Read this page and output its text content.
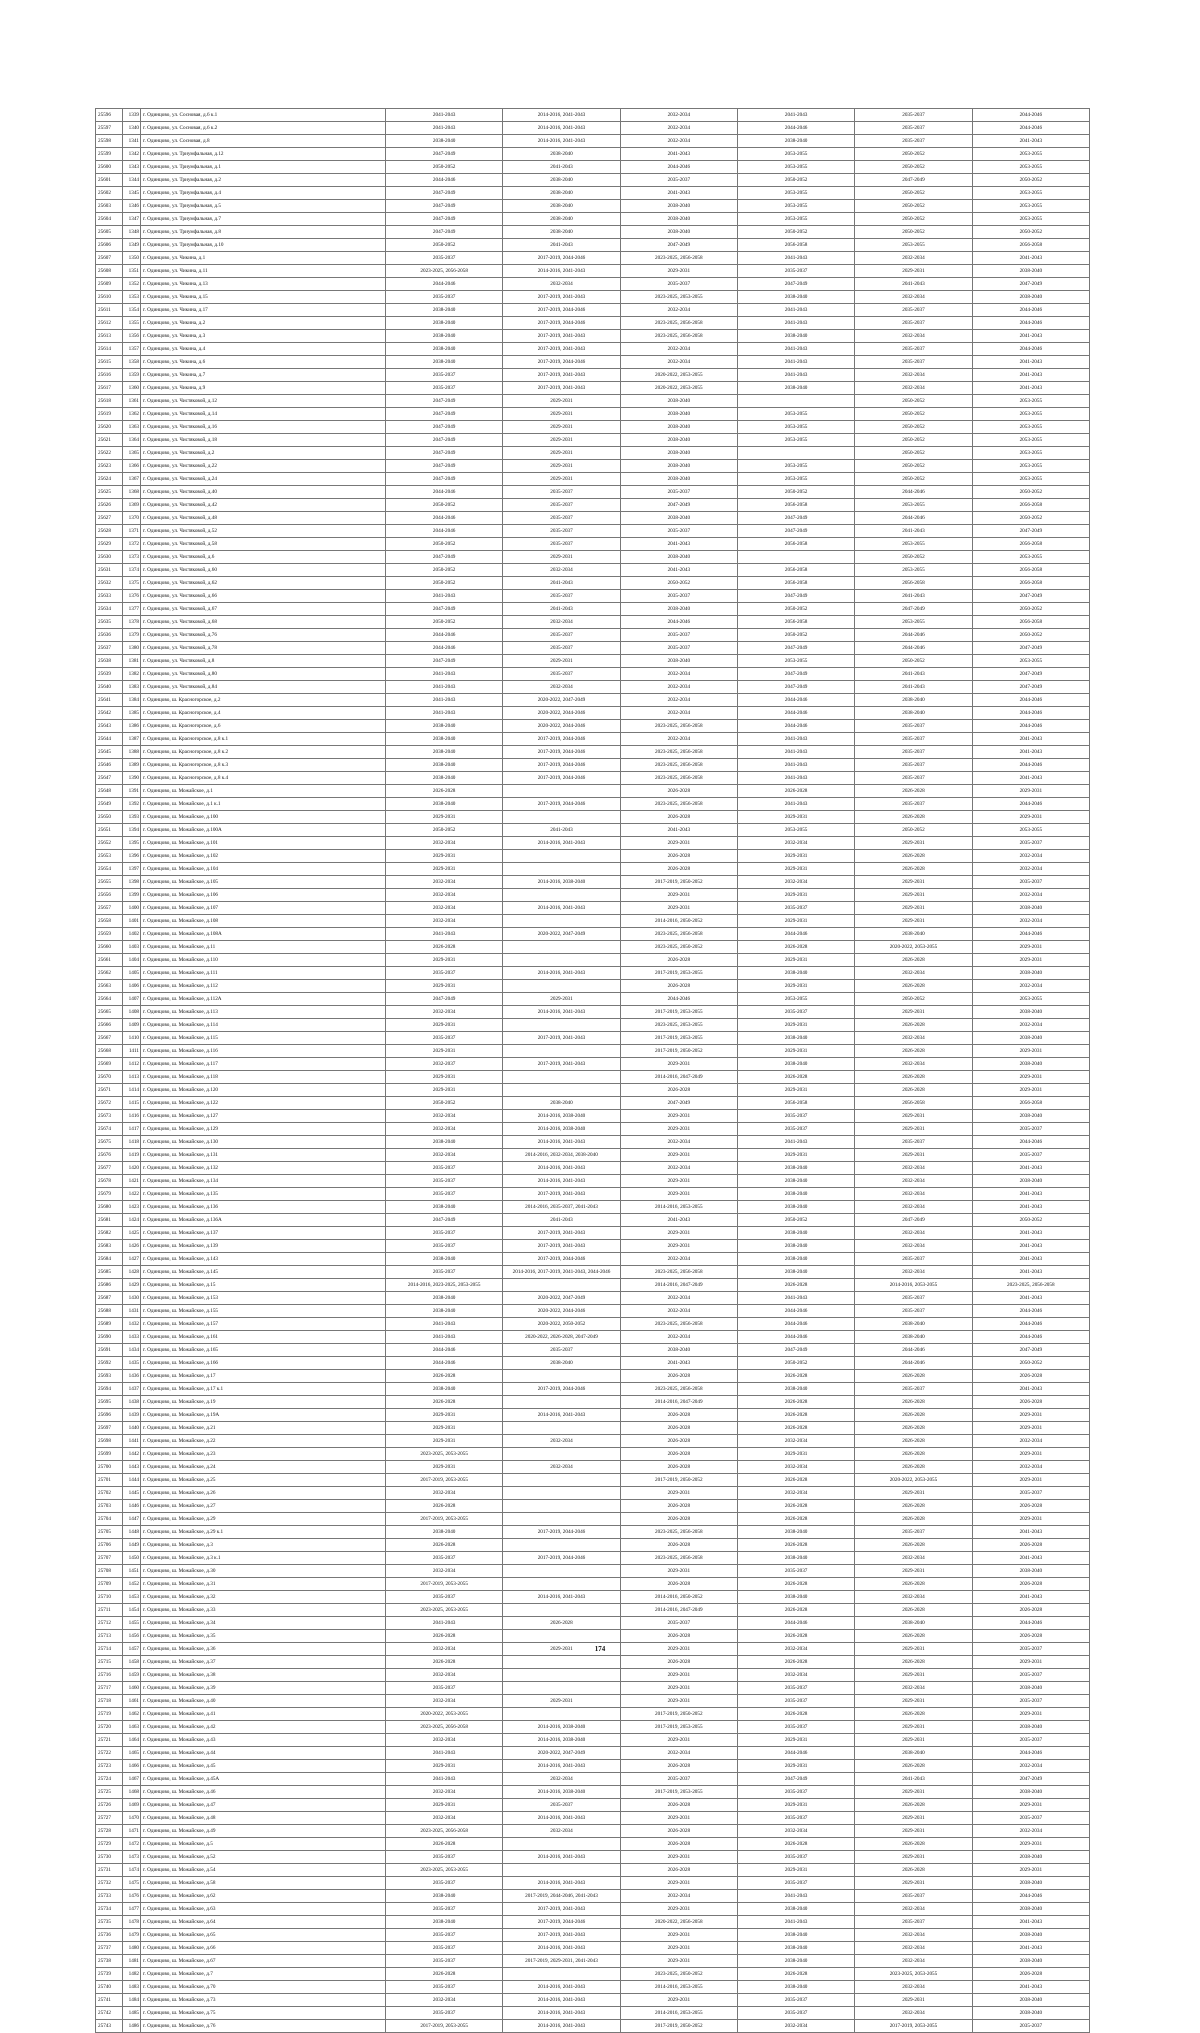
25596	1339	г. Одинцово, ул. Сосновая, д.6 к.1	2041-2043	2014-2016, 2041-2043	2032-2034	2041-2043	2035-2037	2044-2046
25597	1340	г. Одинцово, ул. Сосновая, д.6 к.2	2041-2043	2014-2016, 2041-2043	2032-2034	2044-2046	2035-2037	2044-2046
25598	1341	г. Одинцово, ул. Сосновая, д.8	2038-2040	2014-2016, 2041-2043	2032-2034	2038-2040	2035-2037	2041-2043
25599	1342	г. Одинцово, ул. Триумфальная, д.12	2047-2049	2038-2040	2041-2043	2053-2055	2050-2052	2053-2055
25600	1343	г. Одинцово, ул. Триумфальная, д.1	2050-2052	2041-2043	2044-2046	2053-2055	2050-2052	2053-2055
25601	1344	г. Одинцово, ул. Триумфальная, д.2	2044-2046	2038-2040	2035-2037	2050-2052	2047-2049	2050-2052
25602	1345	г. Одинцово, ул. Триумфальная, д.4	2047-2049	2038-2040	2041-2043	2053-2055	2050-2052	2053-2055
25603	1346	г. Одинцово, ул. Триумфальная, д.5	2047-2049	2038-2040	2038-2040	2053-2055	2050-2052	2053-2055
25604	1347	г. Одинцово, ул. Триумфальная, д.7	2047-2049	2038-2040	2038-2040	2053-2055	2050-2052	2053-2055
25605	1348	г. Одинцово, ул. Триумфальная, д.8	2047-2049	2038-2040	2038-2040	2050-2052	2050-2052	2050-2052
25606	1349	г. Одинцово, ул. Триумфальная, д.10	2050-2052	2041-2043	2047-2049	2056-2058	2053-2055	2056-2058
25607	1350	г. Одинцово, ул. Чикина, д.1	2035-2037	2017-2019, 2044-2046	2023-2025, 2056-2058	2041-2043	2032-2034	2041-2043
25608	1351	г. Одинцово, ул. Чикина, д.11	2023-2025, 2056-2058	2014-2016, 2041-2043	2029-2031	2035-2037	2029-2031	2038-2040
25609	1352	г. Одинцово, ул. Чикина, д.13	2044-2046	2032-2034	2035-2037	2047-2049	2041-2043	2047-2049
25610	1353	г. Одинцово, ул. Чикина, д.15	2035-2037	2017-2019, 2041-2043	2023-2025, 2053-2055	2038-2040	2032-2034	2038-2040
25611	1354	г. Одинцово, ул. Чикина, д.17	2038-2040	2017-2019, 2044-2046	2032-2034	2041-2043	2035-2037	2044-2046
25612	1355	г. Одинцово, ул. Чикина, д.2	2038-2040	2017-2019, 2044-2046	2023-2025, 2056-2058	2041-2043	2035-2037	2044-2046
25613	1356	г. Одинцово, ул. Чикина, д.3	2038-2040	2017-2019, 2041-2043	2023-2025, 2056-2058	2038-2040	2032-2034	2041-2043
25614	1357	г. Одинцово, ул. Чикина, д.4	2038-2040	2017-2019, 2041-2043	2032-2034	2041-2043	2035-2037	2044-2046
25615	1358	г. Одинцово, ул. Чикина, д.6	2038-2040	2017-2019, 2044-2046	2032-2034	2041-2043	2035-2037	2041-2043
25616	1359	г. Одинцово, ул. Чикина, д.7	2035-2037	2017-2019, 2041-2043	2020-2022, 2053-2055	2041-2043	2032-2034	2041-2043
25617	1360	г. Одинцово, ул. Чикина, д.9	2035-2037	2017-2019, 2041-2043	2020-2022, 2053-2055	2038-2040	2032-2034	2041-2043
25618	1361	г. Одинцово, ул. Чистяковой, д.12	2047-2049	2029-2031	2038-2040		2050-2052	2053-2055
25619	1362	г. Одинцово, ул. Чистяковой, д.14	2047-2049	2029-2031	2038-2040	2053-2055	2050-2052	2053-2055
25620	1363	г. Одинцово, ул. Чистяковой, д.16	2047-2049	2029-2031	2038-2040	2053-2055	2050-2052	2053-2055
25621	1364	г. Одинцово, ул. Чистяковой, д.18	2047-2049	2029-2031	2038-2040	2053-2055	2050-2052	2053-2055
25622	1365	г. Одинцово, ул. Чистяковой, д.2	2047-2049	2029-2031	2038-2040		2050-2052	2053-2055
25623	1366	г. Одинцово, ул. Чистяковой, д.22	2047-2049	2029-2031	2038-2040	2053-2055	2050-2052	2053-2055
25624	1367	г. Одинцово, ул. Чистяковой, д.24	2047-2049	2029-2031	2038-2040	2053-2055	2050-2052	2053-2055
25625	1368	г. Одинцово, ул. Чистяковой, д.40	2044-2046	2035-2037	2035-2037	2050-2052	2044-2046	2050-2052
25626	1369	г. Одинцово, ул. Чистяковой, д.42	2050-2052	2035-2037	2047-2049	2056-2058	2053-2055	2056-2058
25627	1370	г. Одинцово, ул. Чистяковой, д.48	2044-2046	2035-2037	2038-2040	2047-2049	2044-2046	2050-2052
25628	1371	г. Одинцово, ул. Чистяковой, д.52	2044-2046	2035-2037	2035-2037	2047-2049	2041-2043	2047-2049
25629	1372	г. Одинцово, ул. Чистяковой, д.58	2050-2052	2035-2037	2041-2043	2056-2058	2053-2055	2056-2058
25630	1373	г. Одинцово, ул. Чистяковой, д.6	2047-2049	2029-2031	2038-2040		2050-2052	2053-2055
25631	1374	г. Одинцово, ул. Чистяковой, д.60	2050-2052	2032-2034	2041-2043	2056-2058	2053-2055	2056-2058
25632	1375	г. Одинцово, ул. Чистяковой, д.62	2050-2052	2041-2043	2050-2052	2056-2058	2056-2058	2056-2058
25633	1376	г. Одинцово, ул. Чистяковой, д.66	2041-2043	2035-2037	2035-2037	2047-2049	2041-2043	2047-2049
25634	1377	г. Одинцово, ул. Чистяковой, д.67	2047-2049	2041-2043	2038-2040	2050-2052	2047-2049	2050-2052
25635	1378	г. Одинцово, ул. Чистяковой, д.68	2050-2052	2032-2034	2044-2046	2056-2058	2053-2055	2056-2058
25636	1379	г. Одинцово, ул. Чистяковой, д.76	2044-2046	2035-2037	2035-2037	2050-2052	2044-2046	2050-2052
25637	1380	г. Одинцово, ул. Чистяковой, д.78	2044-2046	2035-2037	2035-2037	2047-2049	2044-2046	2047-2049
25638	1381	г. Одинцово, ул. Чистяковой, д.8	2047-2049	2029-2031	2038-2040	2053-2055	2050-2052	2053-2055
25639	1382	г. Одинцово, ул. Чистяковой, д.80	2041-2043	2035-2037	2032-2034	2047-2049	2041-2043	2047-2049
25640	1383	г. Одинцово, ул. Чистяковой, д.84	2041-2043	2032-2034	2032-2034	2047-2049	2041-2043	2047-2049
25641	1384	г. Одинцово, ш. Красногорское, д.2	2041-2043	2020-2022, 2047-2049	2032-2034	2044-2046	2038-2040	2044-2046
25642	1385	г. Одинцово, ш. Красногорское, д.4	2041-2043	2020-2022, 2044-2046	2032-2034	2044-2046	2038-2040	2044-2046
25643	1386	г. Одинцово, ш. Красногорское, д.6	2038-2040	2020-2022, 2044-2046	2023-2025, 2056-2058	2044-2046	2035-2037	2044-2046
25644	1387	г. Одинцово, ш. Красногорское, д.8 к.1	2038-2040	2017-2019, 2044-2046	2032-2034	2041-2043	2035-2037	2041-2043
25645	1388	г. Одинцово, ш. Красногорское, д.8 к.2	2038-2040	2017-2019, 2044-2046	2023-2025, 2056-2058	2041-2043	2035-2037	2041-2043
25646	1389	г. Одинцово, ш. Красногорское, д.8 к.3	2038-2040	2017-2019, 2044-2046	2023-2025, 2056-2058	2041-2043	2035-2037	2044-2046
25647	1390	г. Одинцово, ш. Красногорское, д.8 к.4	2038-2040	2017-2019, 2044-2046	2023-2025, 2056-2058	2041-2043	2035-2037	2041-2043
25648	1391	г. Одинцово, ш. Можайское, д.1	2026-2028		2026-2028	2026-2028	2026-2028	2029-2031
25649	1392	г. Одинцово, ш. Можайское, д.1 к.1	2038-2040	2017-2019, 2044-2046	2023-2025, 2056-2058	2041-2043	2035-2037	2044-2046
25650	1393	г. Одинцово, ш. Можайское, д.100	2029-2031		2026-2028	2029-2031	2026-2028	2029-2031
25651	1394	г. Одинцово, ш. Можайское, д.100А	2050-2052	2041-2043	2041-2043	2053-2055	2050-2052	2053-2055
25652	1395	г. Одинцово, ш. Можайское, д.101	2032-2034	2014-2016, 2041-2043	2029-2031	2032-2034	2029-2031	2035-2037
25653	1396	г. Одинцово, ш. Можайское, д.102	2029-2031		2026-2028	2029-2031	2026-2028	2032-2034
25654	1397	г. Одинцово, ш. Можайское, д.104	2029-2031		2026-2028	2029-2031	2026-2028	2032-2034
25655	1398	г. Одинцово, ш. Можайское, д.105	2032-2034	2014-2016, 2038-2040	2017-2019, 2050-2052	2032-2034	2029-2031	2035-2037
25656	1399	г. Одинцово, ш. Можайское, д.106	2032-2034		2029-2031	2029-2031	2029-2031	2032-2034
25657	1400	г. Одинцово, ш. Можайское, д.107	2032-2034	2014-2016, 2041-2043	2029-2031	2035-2037	2029-2031	2038-2040
25658	1401	г. Одинцово, ш. Можайское, д.108	2032-2034		2014-2016, 2050-2052	2029-2031	2029-2031	2032-2034
25659	1402	г. Одинцово, ш. Можайское, д.108А	2041-2043	2020-2022, 2047-2049	2023-2025, 2056-2058	2044-2046	2038-2040	2044-2046
25660	1403	г. Одинцово, ш. Можайское, д.11	2026-2028		2023-2025, 2050-2052	2026-2028	2020-2022, 2053-2055	2029-2031
25661	1404	г. Одинцово, ш. Можайское, д.110	2029-2031		2026-2028	2029-2031	2026-2028	2029-2031
25662	1405	г. Одинцово, ш. Можайское, д.111	2035-2037	2014-2016, 2041-2043	2017-2019, 2053-2055	2038-2040	2032-2034	2038-2040
25663	1406	г. Одинцово, ш. Можайское, д.112	2029-2031		2026-2028	2029-2031	2026-2028	2032-2034
25664	1407	г. Одинцово, ш. Можайское, д.112А	2047-2049	2029-2031	2044-2046	2053-2055	2050-2052	2053-2055
25665	1408	г. Одинцово, ш. Можайское, д.113	2032-2034	2014-2016, 2041-2043	2017-2019, 2053-2055	2035-2037	2029-2031	2038-2040
25666	1409	г. Одинцово, ш. Можайское, д.114	2029-2031		2023-2025, 2053-2055	2029-2031	2026-2028	2032-2034
25667	1410	г. Одинцово, ш. Можайское, д.115	2035-2037	2017-2019, 2041-2043	2017-2019, 2053-2055	2038-2040	2032-2034	2038-2040
25668	1411	г. Одинцово, ш. Можайское, д.116	2029-2031		2017-2019, 2050-2052	2029-2031	2026-2028	2029-2031
25669	1412	г. Одинцово, ш. Можайское, д.117	2032-2037	2017-2019, 2041-2043	2029-2031	2038-2040	2032-2034	2038-2040
25670	1413	г. Одинцово, ш. Можайское, д.118	2029-2031		2014-2016, 2047-2049	2026-2028	2026-2028	2029-2031
25671	1414	г. Одинцово, ш. Можайское, д.120	2029-2031		2026-2028	2029-2031	2026-2028	2029-2031
25672	1415	г. Одинцово, ш. Можайское, д.122	2050-2052	2038-2040	2047-2049	2056-2058	2056-2058	2056-2058
25673	1416	г. Одинцово, ш. Можайское, д.127	2032-2034	2014-2016, 2038-2040	2029-2031	2035-2037	2029-2031	2038-2040
25674	1417	г. Одинцово, ш. Можайское, д.129	2032-2034	2014-2016, 2038-2040	2029-2031	2035-2037	2029-2031	2035-2037
25675	1418	г. Одинцово, ш. Можайское, д.130	2038-2040	2014-2016, 2041-2043	2032-2034	2041-2043	2035-2037	2044-2046
25676	1419	г. Одинцово, ш. Можайское, д.131	2032-2034	2014-2016, 2032-2034, 2038-2040	2029-2031	2029-2031	2029-2031	2035-2037
25677	1420	г. Одинцово, ш. Можайское, д.132	2035-2037	2014-2016, 2041-2043	2032-2034	2038-2040	2032-2034	2041-2043
25678	1421	г. Одинцово, ш. Можайское, д.134	2035-2037	2014-2016, 2041-2043	2029-2031	2038-2040	2032-2034	2038-2040
25679	1422	г. Одинцово, ш. Можайское, д.135	2035-2037	2017-2019, 2041-2043	2029-2031	2038-2040	2032-2034	2041-2043
25680	1423	г. Одинцово, ш. Можайское, д.136	2038-2040	2014-2016, 2035-2037, 2041-2043	2014-2016, 2053-2055	2038-2040	2032-2034	2041-2043
25681	1424	г. Одинцово, ш. Можайское, д.136А	2047-2049	2041-2043	2041-2043	2050-2052	2047-2049	2050-2052
25682	1425	г. Одинцово, ш. Можайское, д.137	2035-2037	2017-2019, 2041-2043	2029-2031	2038-2040	2032-2034	2041-2043
25683	1426	г. Одинцово, ш. Можайское, д.139	2035-2037	2017-2019, 2041-2043	2029-2031	2038-2040	2032-2034	2041-2043
25684	1427	г. Одинцово, ш. Можайское, д.143	2038-2040	2017-2019, 2044-2046	2032-2034	2038-2040	2035-2037	2041-2043
25685	1428	г. Одинцово, ш. Можайское, д.145	2035-2037	2014-2016, 2017-2019, 2041-2043, 2044-2046	2023-2025, 2056-2058	2038-2040	2032-2034	2041-2043
25686	1429	г. Одинцово, ш. Можайское, д.15	2014-2016, 2023-2025, 2053-2055		2014-2016, 2047-2049	2026-2028	2014-2016, 2053-2055	2023-2025, 2056-2058
25687	1430	г. Одинцово, ш. Можайское, д.153	2038-2040	2020-2022, 2047-2049	2032-2034	2041-2043	2035-2037	2041-2043
25688	1431	г. Одинцово, ш. Можайское, д.155	2038-2040	2020-2022, 2044-2046	2032-2034	2044-2046	2035-2037	2044-2046
25689	1432	г. Одинцово, ш. Можайское, д.157	2041-2043	2020-2022, 2050-2052	2023-2025, 2056-2058	2044-2046	2038-2040	2044-2046
25690	1433	г. Одинцово, ш. Можайское, д.161	2041-2043	2020-2022, 2026-2028, 2047-2049	2032-2034	2044-2046	2038-2040	2044-2046
25691	1434	г. Одинцово, ш. Можайское, д.165	2044-2046	2035-2037	2038-2040	2047-2049	2044-2046	2047-2049
25692	1435	г. Одинцово, ш. Можайское, д.166	2044-2046	2038-2040	2041-2043	2050-2052	2044-2046	2050-2052
25693	1436	г. Одинцово, ш. Можайское, д.17	2026-2028		2026-2028	2026-2028	2026-2028	2026-2028
25694	1437	г. Одинцово, ш. Можайское, д.17 к.1	2038-2040	2017-2019, 2044-2046	2023-2025, 2056-2058	2038-2040	2035-2037	2041-2043
25695	1438	г. Одинцово, ш. Можайское, д.19	2026-2028		2014-2016, 2047-2049	2026-2028	2026-2028	2026-2028
25696	1439	г. Одинцово, ш. Можайское, д.19А	2029-2031	2014-2016, 2041-2043	2026-2028	2026-2028	2026-2028	2029-2031
25697	1440	г. Одинцово, ш. Можайское, д.21	2029-2031		2026-2028	2026-2028	2026-2028	2029-2031
25698	1441	г. Одинцово, ш. Можайское, д.22	2029-2031	2032-2034	2026-2028	2032-2034	2026-2028	2032-2034
25699	1442	г. Одинцово, ш. Можайское, д.23	2023-2025, 2053-2055		2026-2028	2029-2031	2026-2028	2029-2031
25700	1443	г. Одинцово, ш. Можайское, д.24	2029-2031	2032-2034	2026-2028	2032-2034	2026-2028	2032-2034
25701	1444	г. Одинцово, ш. Можайское, д.25	2017-2019, 2053-2055		2017-2019, 2050-2052	2026-2028	2020-2022, 2053-2055	2029-2031
25702	1445	г. Одинцово, ш. Можайское, д.26	2032-2034		2029-2031	2032-2034	2029-2031	2035-2037
25703	1446	г. Одинцово, ш. Можайское, д.27	2026-2028		2026-2028	2026-2028	2026-2028	2026-2028
25704	1447	г. Одинцово, ш. Можайское, д.29	2017-2019, 2053-2055		2026-2028	2026-2028	2026-2028	2029-2031
25705	1448	г. Одинцово, ш. Можайское, д.29 к.1	2038-2040	2017-2019, 2044-2046	2023-2025, 2056-2058	2038-2040	2035-2037	2041-2043
25706	1449	г. Одинцово, ш. Можайское, д.3	2026-2028		2026-2028	2026-2028	2026-2028	2026-2028
25707	1450	г. Одинцово, ш. Можайское, д.3 к.1	2035-2037	2017-2019, 2044-2046	2023-2025, 2056-2058	2038-2040	2032-2034	2041-2043
25708	1451	г. Одинцово, ш. Можайское, д.30	2032-2034		2029-2031	2035-2037	2029-2031	2038-2040
25709	1452	г. Одинцово, ш. Можайское, д.31	2017-2019, 2053-2055		2026-2028	2026-2028	2026-2028	2026-2028
25710	1453	г. Одинцово, ш. Можайское, д.32	2035-2037	2014-2016, 2041-2043	2014-2016, 2050-2052	2038-2040	2032-2034	2041-2043
25711	1454	г. Одинцово, ш. Можайское, д.33	2023-2025, 2053-2055		2014-2016, 2047-2049	2026-2028	2026-2028	2026-2028
25712	1455	г. Одинцово, ш. Можайское, д.34	2041-2043	2026-2028	2035-2037	2044-2046	2038-2040	2044-2046
25713	1456	г. Одинцово, ш. Можайское, д.35	2026-2028		2026-2028	2026-2028	2026-2028	2026-2028
25714	1457	г. Одинцово, ш. Можайское, д.36	2032-2034	2029-2031	2029-2031	2032-2034	2029-2031	2035-2037
25715	1458	г. Одинцово, ш. Можайское, д.37	2026-2028		2026-2028	2026-2028	2026-2028	2029-2031
25716	1459	г. Одинцово, ш. Можайское, д.38	2032-2034		2029-2031	2032-2034	2029-2031	2035-2037
25717	1460	г. Одинцово, ш. Можайское, д.39	2035-2037		2029-2031	2035-2037	2032-2034	2038-2040
25718	1461	г. Одинцово, ш. Можайское, д.40	2032-2034	2029-2031	2029-2031	2035-2037	2029-2031	2035-2037
25719	1462	г. Одинцово, ш. Можайское, д.41	2020-2022, 2053-2055		2017-2019, 2050-2052	2026-2028	2026-2028	2029-2031
25720	1463	г. Одинцово, ш. Можайское, д.42	2023-2025, 2056-2058	2014-2016, 2038-2040	2017-2019, 2053-2055	2035-2037	2029-2031	2038-2040
25721	1464	г. Одинцово, ш. Можайское, д.43	2032-2034	2014-2016, 2038-2040	2029-2031	2029-2031	2029-2031	2035-2037
25722	1465	г. Одинцово, ш. Можайское, д.44	2041-2043	2020-2022, 2047-2049	2032-2034	2044-2046	2038-2040	2044-2046
25723	1466	г. Одинцово, ш. Можайское, д.45	2029-2031	2014-2016, 2041-2043	2026-2028	2029-2031	2026-2028	2032-2034
25724	1467	г. Одинцово, ш. Можайское, д.45А	2041-2043	2032-2034	2035-2037	2047-2049	2041-2043	2047-2049
25725	1468	г. Одинцово, ш. Можайское, д.46	2032-2034	2014-2016, 2038-2040	2017-2019, 2053-2055	2035-2037	2029-2031	2038-2040
25726	1469	г. Одинцово, ш. Можайское, д.47	2029-2031	2035-2037	2026-2028	2029-2031	2026-2028	2029-2031
25727	1470	г. Одинцово, ш. Можайское, д.48	2032-2034	2014-2016, 2041-2043	2029-2031	2035-2037	2029-2031	2035-2037
25728	1471	г. Одинцово, ш. Можайское, д.49	2023-2025, 2056-2058	2032-2034	2026-2028	2032-2034	2029-2031	2032-2034
25729	1472	г. Одинцово, ш. Можайское, д.5	2026-2028		2026-2028	2026-2028	2026-2028	2029-2031
25730	1473	г. Одинцово, ш. Можайское, д.52	2035-2037	2014-2016, 2041-2043	2029-2031	2035-2037	2029-2031	2038-2040
25731	1474	г. Одинцово, ш. Можайское, д.54	2023-2025, 2053-2055		2026-2028	2029-2031	2026-2028	2029-2031
25732	1475	г. Одинцово, ш. Можайское, д.58	2035-2037	2014-2016, 2041-2043	2029-2031	2035-2037	2029-2031	2038-2040
25733	1476	г. Одинцово, ш. Можайское, д.62	2038-2040	2017-2019, 2044-2046, 2041-2043	2032-2034	2041-2043	2035-2037	2044-2046
25734	1477	г. Одинцово, ш. Можайское, д.63	2035-2037	2017-2019, 2041-2043	2029-2031	2038-2040	2032-2034	2038-2040
25735	1478	г. Одинцово, ш. Можайское, д.64	2038-2040	2017-2019, 2044-2046	2020-2022, 2056-2058	2041-2043	2035-2037	2041-2043
25736	1479	г. Одинцово, ш. Можайское, д.65	2035-2037	2017-2019, 2041-2043	2029-2031	2038-2040	2032-2034	2038-2040
25737	1480	г. Одинцово, ш. Можайское, д.66	2035-2037	2014-2016, 2041-2043	2029-2031	2038-2040	2032-2034	2041-2043
25738	1481	г. Одинцово, ш. Можайское, д.67	2035-2037	2017-2019, 2029-2031, 2041-2043	2029-2031	2038-2040	2032-2034	2038-2040
25739	1482	г. Одинцово, ш. Можайское, д.7	2026-2028		2023-2025, 2050-2052	2026-2028	2023-2025, 2053-2055	2026-2028
25740	1483	г. Одинцово, ш. Можайское, д.70	2035-2037	2014-2016, 2041-2043	2014-2016, 2053-2055	2038-2040	2032-2034	2041-2043
25741	1484	г. Одинцово, ш. Можайское, д.73	2032-2034	2014-2016, 2041-2043	2029-2031	2035-2037	2029-2031	2038-2040
25742	1485	г. Одинцово, ш. Можайское, д.75	2035-2037	2014-2016, 2041-2043	2014-2016, 2053-2055	2035-2037	2032-2034	2038-2040
25743	1486	г. Одинцово, ш. Можайское, д.76	2017-2019, 2053-2055	2014-2016, 2041-2043	2017-2019, 2050-2052	2032-2034	2017-2019, 2053-2055	2035-2037
174
